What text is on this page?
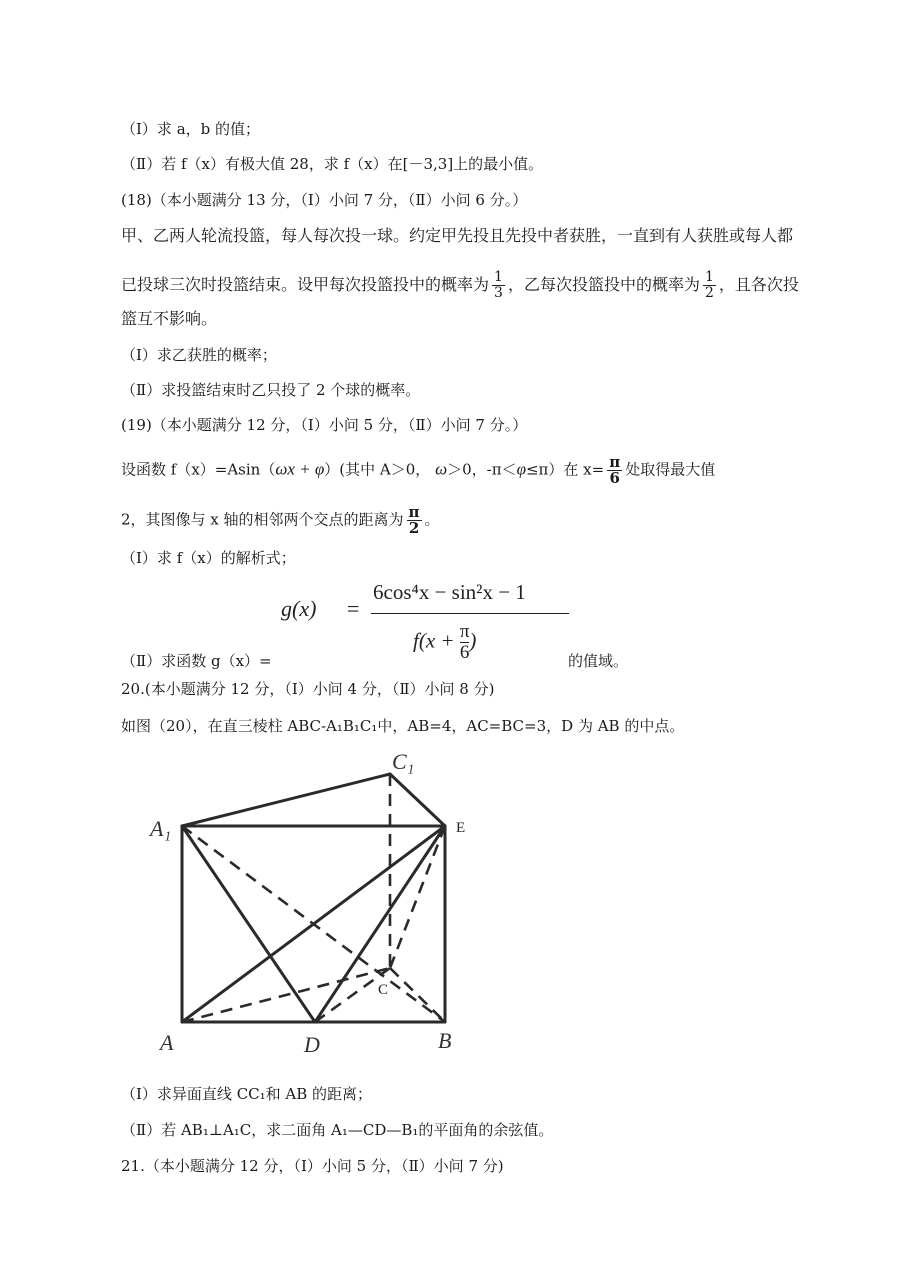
（Ⅰ）求 a，b 的值；
（Ⅱ）若 f（x）有极大值 28，求 f（x）在[－3,3]上的最小值。
(18)（本小题满分 13 分，（Ⅰ）小问 7 分，（Ⅱ）小问 6 分。）
甲、乙两人轮流投篮，每人每次投一球。约定甲先投且先投中者获胜，一直到有人获胜或每人都
已投球三次时投篮结束。设甲每次投篮投中的概率为 $\frac{1}{3}$ ，乙每次投篮投中的概率为 $\frac{1}{2}$ ，且各次投
篮互不影响。
（Ⅰ）求乙获胜的概率；
（Ⅱ）求投篮结束时乙只投了 2 个球的概率。
(19)（本小题满分 12 分，（Ⅰ）小问 5 分，（Ⅱ）小问 7 分。）
设函数 f（x）=Asin（ωx + φ）(其中 A＞0， ω＞0，-π＜φ≤π）在 $x= \frac{\pi}{6}$ 处取得最大值
2，其图像与 x 轴的相邻两个交点的距离为 $\frac{\pi}{2}$ 。
（Ⅰ）求 f（x）的解析式；
g(x) =
6cos⁴x − sin²x − 1
$f(x + \frac{\pi}{6}$ )
（Ⅱ）求函数 g（x）=	的值域。
20.(本小题满分 12 分，（Ⅰ）小问 4 分，（Ⅱ）小问 8 分)
如图（20），在直三棱柱 ABC-A₁B₁C₁中，AB=4，AC=BC=3，D 为 AB 的中点。
C₁
A₁	E
C
A	D	B
（Ⅰ）求异面直线 CC₁和 AB 的距离；
（Ⅱ）若 AB₁⊥A₁C，求二面角 A₁—CD—B₁的平面角的余弦值。
21.（本小题满分 12 分，（Ⅰ）小问 5 分，（Ⅱ）小问 7 分)
